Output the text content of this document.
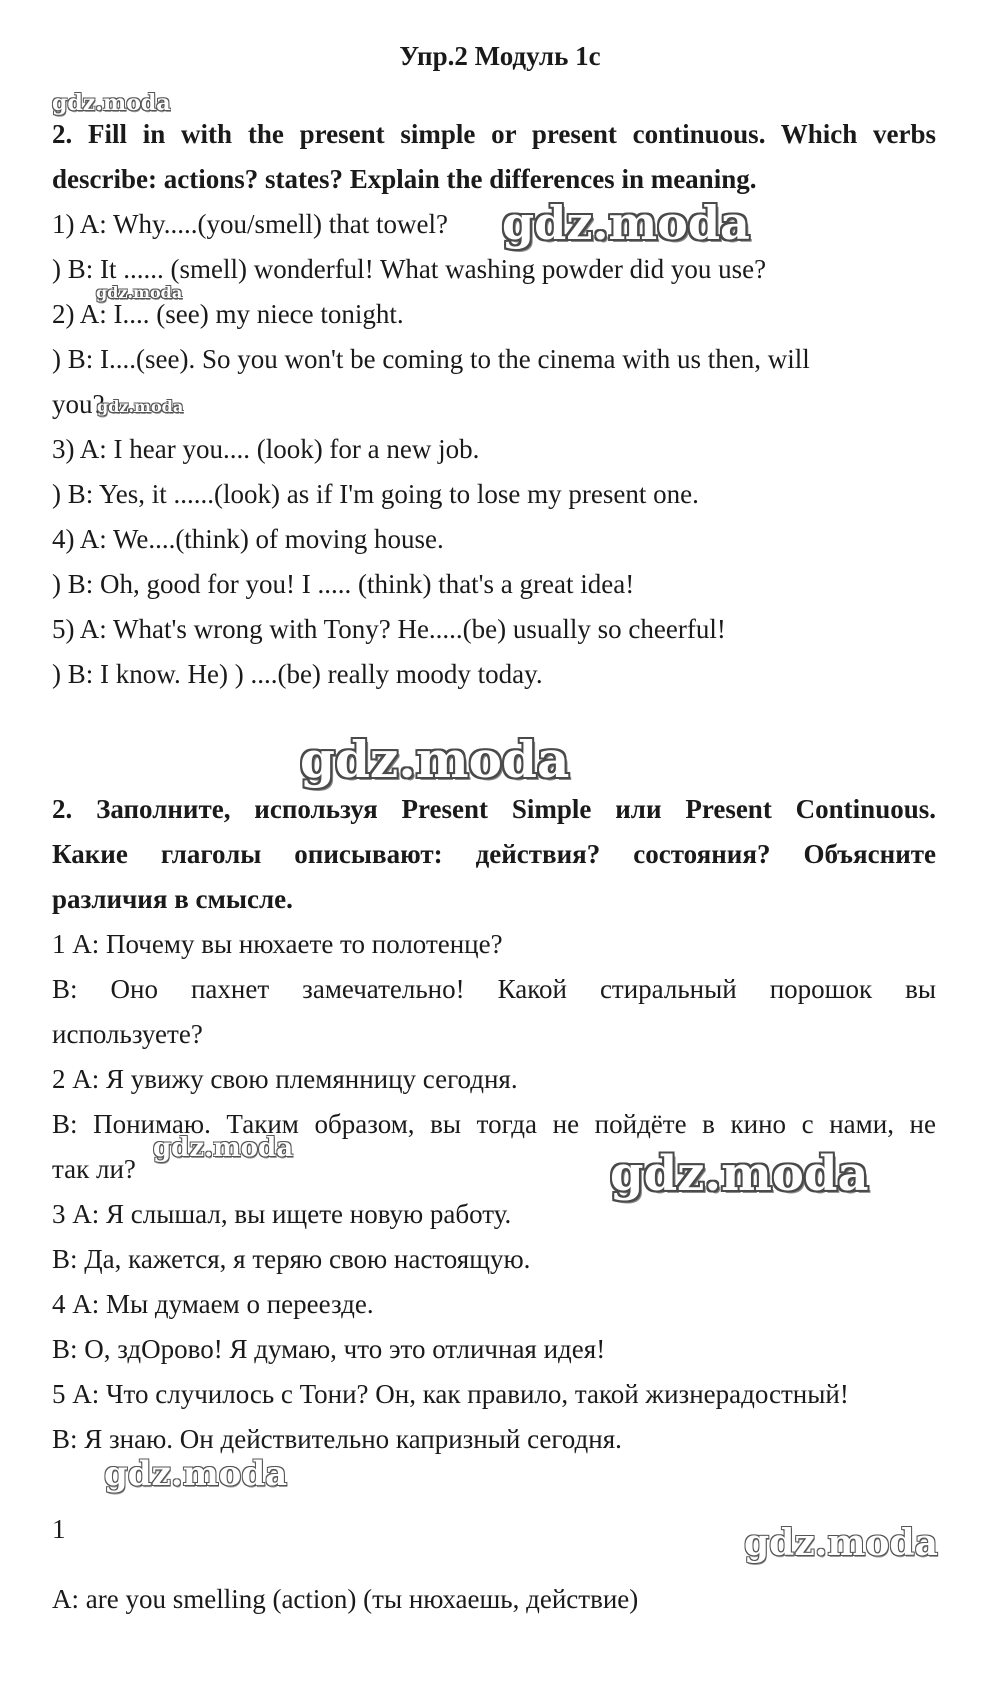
Упр.2 Модуль 1с
2. Fill in with the present simple or present continuous. Which verbs
describe: actions? states? Explain the differences in meaning.
1) A: Why.....(you/smell) that towel?
) B: It ...... (smell) wonderful! What washing powder did you use?
2) A: I.... (see) my niece tonight.
) B: I....(see). So you won't be coming to the cinema with us then, will
you?
3) A: I hear you.... (look) for a new job.
) B: Yes, it ......(look) as if I'm going to lose my present one.
4) A: We....(think) of moving house.
) B: Oh, good for you! I ..... (think) that's a great idea!
5) A: What's wrong with Tony? He.....(be) usually so cheerful!
) B: I know. He) ) ....(be) really moody today.
2. Заполните, используя Present Simple или Present Continuous.
Какие глаголы описывают: действия? состояния? Объясните
различия в смысле.
1 А: Почему вы нюхаете то полотенце?
В: Оно пахнет замечательно! Какой стиральный порошок вы
используете?
2 А: Я увижу свою племянницу сегодня.
В: Понимаю. Таким образом, вы тогда не пойдёте в кино с нами, не
так ли?
3 А: Я слышал, вы ищете новую работу.
В: Да, кажется, я теряю свою настоящую.
4 А: Мы думаем о переезде.
В: О, здОрово! Я думаю, что это отличная идея!
5 А: Что случилось с Тони? Он, как правило, такой жизнерадостный!
В: Я знаю. Он действительно капризный сегодня.
1
A: are you smelling (action) (ты нюхаешь, действие)
gdz.moda
gdz.moda
gdz.moda
gdz.moda
gdz.moda
gdz.moda	gdz.moda
gdz.moda
gdz.moda
